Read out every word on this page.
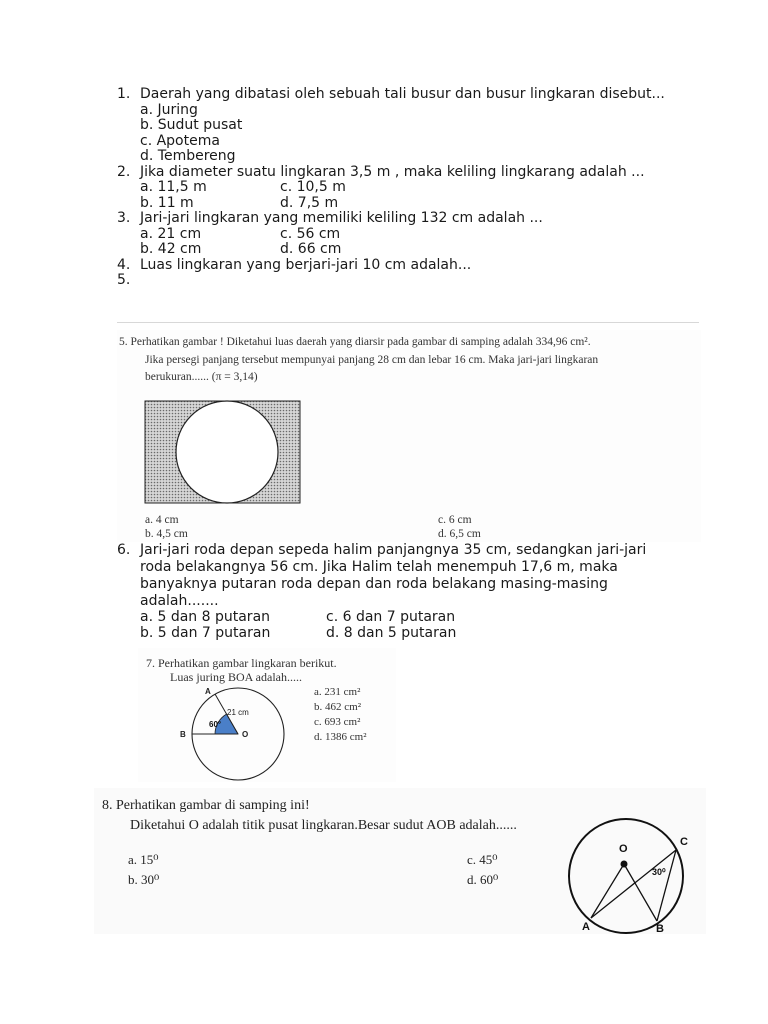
1. Daerah yang dibatasi oleh sebuah tali busur dan busur lingkaran disebut...
a. Juring
b. Sudut pusat
c. Apotema
d. Tembereng
2. Jika diameter suatu lingkaran 3,5 m , maka keliling lingkarang adalah ...
a. 11,5 m	c. 10,5 m
b. 11 m	d. 7,5 m
3. Jari-jari lingkaran yang memiliki keliling 132 cm adalah ...
a. 21 cm	c. 56 cm
b. 42 cm	d. 66 cm
4. Luas lingkaran yang berjari-jari 10 cm adalah...
5.
5. Perhatikan gambar ! Diketahui luas daerah yang diarsir pada gambar di samping adalah 334,96 cm².
Jika persegi panjang tersebut mempunyai panjang 28 cm dan lebar 16 cm. Maka jari-jari lingkaran
berukuran...... (π = 3,14)
a. 4 cm
b. 4,5 cm
c. 6 cm
d. 6,5 cm
6. Jari-jari roda depan sepeda halim panjangnya 35 cm, sedangkan jari-jari
roda belakangnya 56 cm. Jika Halim telah menempuh 17,6 m, maka
banyaknya putaran roda depan dan roda belakang masing-masing
adalah.......
a. 5 dan 8 putaran	c. 6 dan 7 putaran
b. 5 dan 7 putaran	d. 8 dan 5 putaran
7. Perhatikan gambar lingkaran berikut.
Luas juring BOA adalah.....
A
B	O
21 cm
60°
a. 231 cm²
b. 462 cm²
c. 693 cm²
d. 1386 cm²
8. Perhatikan gambar di samping ini!
Diketahui O adalah titik pusat lingkaran.Besar sudut AOB adalah......
a. 15⁰
b. 30⁰
c. 45⁰
d. 60⁰
O
C
A	B
30⁰
